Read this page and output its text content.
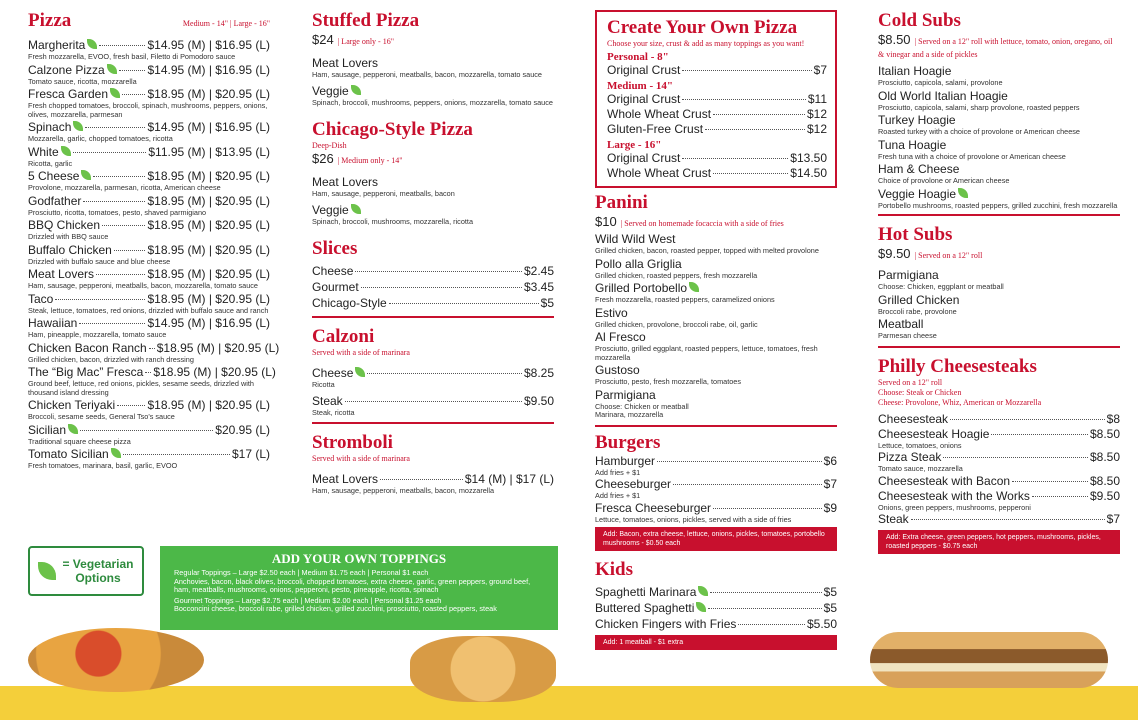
Pizza	Medium - 14" | Large - 16"
Margherita	$14.95 (M) | $16.95 (L)
Fresh mozzarella, EVOO, fresh basil, Filetto di Pomodoro sauce
Calzone Pizza	$14.95 (M) | $16.95 (L)
Tomato sauce, ricotta, mozzarella
Fresca Garden	$18.95 (M) | $20.95 (L)
Fresh chopped tomatoes, broccoli, spinach, mushrooms, peppers, onions, olives, mozzarella, parmesan
Spinach	$14.95 (M) | $16.95 (L)
Mozzarella, garlic, chopped tomatoes, ricotta
White	$11.95 (M) | $13.95 (L)
Ricotta, garlic
5 Cheese	$18.95 (M) | $20.95 (L)
Provolone, mozzarella, parmesan, ricotta, American cheese
Godfather	$18.95 (M) | $20.95 (L)
Prosciutto, ricotta, tomatoes, pesto, shaved parmigiano
BBQ Chicken	$18.95 (M) | $20.95 (L)
Drizzled with BBQ sauce
Buffalo Chicken	$18.95 (M) | $20.95 (L)
Drizzled with buffalo sauce and blue cheese
Meat Lovers	$18.95 (M) | $20.95 (L)
Ham, sausage, pepperoni, meatballs, bacon, mozzarella, tomato sauce
Taco	$18.95 (M) | $20.95 (L)
Steak, lettuce, tomatoes, red onions, drizzled with buffalo sauce and ranch
Hawaiian	$14.95 (M) | $16.95 (L)
Ham, pineapple, mozzarella, tomato sauce
Chicken Bacon Ranch $18.95 (M) | $20.95 (L)
Grilled chicken, bacon, drizzled with ranch dressing
The “Big Mac” Fresca $18.95 (M) | $20.95 (L)
Ground beef, lettuce, red onions, pickles, sesame seeds, drizzled with thousand island dressing
Chicken Teriyaki	$18.95 (M) | $20.95 (L)
Broccoli, sesame seeds, General Tso's sauce
Sicilian	$20.95 (L)
Traditional square cheese pizza
Tomato Sicilian	$17 (L)
Fresh tomatoes, marinara, basil, garlic, EVOO
Stuffed Pizza
$24 | Large only - 16"
Meat Lovers
Ham, sausage, pepperoni, meatballs, bacon, mozzarella, tomato sauce
Veggie
Spinach, broccoli, mushrooms, peppers, onions, mozzarella, tomato sauce
Chicago-Style Pizza
Deep-Dish
$26 | Medium only - 14"
Meat Lovers
Ham, sausage, pepperoni, meatballs, bacon
Veggie
Spinach, broccoli, mushrooms, mozzarella, ricotta
Slices
Cheese	$2.45
Gourmet	$3.45
Chicago-Style	$5
Calzoni
Served with a side of marinara
Cheese	$8.25
Ricotta
Steak	$9.50
Steak, ricotta
Stromboli
Served with a side of marinara
Meat Lovers	$14 (M) | $17 (L)
Ham, sausage, pepperoni, meatballs, bacon, mozzarella
Create Your Own Pizza
Choose your size, crust & add as many toppings as you want!
Personal - 8"
Original Crust	$7
Medium - 14"
Original Crust	$11
Whole Wheat Crust	$12
Gluten-Free Crust	$12
Large - 16"
Original Crust	$13.50
Whole Wheat Crust	$14.50
Panini
$10 | Served on homemade focaccia with a side of fries
Wild Wild West
Grilled chicken, bacon, roasted pepper, topped with melted provolone
Pollo alla Griglia
Grilled chicken, roasted peppers, fresh mozzarella
Grilled Portobello
Fresh mozzarella, roasted peppers, caramelized onions
Estivo
Grilled chicken, provolone, broccoli rabe, oil, garlic
Al Fresco
Prosciutto, grilled eggplant, roasted peppers, lettuce, tomatoes, fresh mozzarella
Gustoso
Prosciutto, pesto, fresh mozzarella, tomatoes
Parmigiana
Choose: Chicken or meatball
Marinara, mozzarella
Burgers
Hamburger	$6
Add fries + $1
Cheeseburger	$7
Add fries + $1
Fresca Cheeseburger	$9
Lettuce, tomatoes, onions, pickles, served with a side of fries
Add: Bacon, extra cheese, lettuce, onions, pickles, tomatoes, portobello mushrooms - $0.50 each
Kids
Spaghetti Marinara	$5
Buttered Spaghetti	$5
Chicken Fingers with Fries	$5.50
Add: 1 meatball - $1 extra
Cold Subs
$8.50 | Served on a 12" roll with lettuce, tomato, onion, oregano, oil & vinegar and a side of pickles
Italian Hoagie
Prosciutto, capicola, salami, provolone
Old World Italian Hoagie
Prosciutto, capicola, salami, sharp provolone, roasted peppers
Turkey Hoagie
Roasted turkey with a choice of provolone or American cheese
Tuna Hoagie
Fresh tuna with a choice of provolone or American cheese
Ham & Cheese
Choice of provolone or American cheese
Veggie Hoagie
Portobello mushrooms, roasted peppers, grilled zucchini, fresh mozzarella
Hot Subs
$9.50 | Served on a 12" roll
Parmigiana
Choose: Chicken, eggplant or meatball
Grilled Chicken
Broccoli rabe, provolone
Meatball
Parmesan cheese
Philly Cheesesteaks
Served on a 12" roll
Choose: Steak or Chicken
Cheese: Provolone, Whiz, American or Mozzarella
Cheesesteak	$8
Cheesesteak Hoagie	$8.50
Lettuce, tomatoes, onions
Pizza Steak	$8.50
Tomato sauce, mozzarella
Cheesesteak with Bacon	$8.50
Cheesesteak with the Works	$9.50
Onions, green peppers, mushrooms, pepperoni
Steak	$7
Add: Extra cheese, green peppers, hot peppers, mushrooms, pickles, roasted peppers - $0.75 each
= Vegetarian
Options
ADD YOUR OWN TOPPINGS
Regular Toppings – Large $2.50 each | Medium $1.75 each | Personal $1 each
Anchovies, bacon, black olives, broccoli, chopped tomatoes, extra cheese, garlic, green peppers, ground beef, ham, meatballs, mushrooms, onions, pepperoni, pesto, pineapple, ricotta, spinach
Gourmet Toppings – Large $2.75 each | Medium $2.00 each | Personal $1.25 each
Bocconcini cheese, broccoli rabe, grilled chicken, grilled zucchini, prosciutto, roasted peppers, steak
